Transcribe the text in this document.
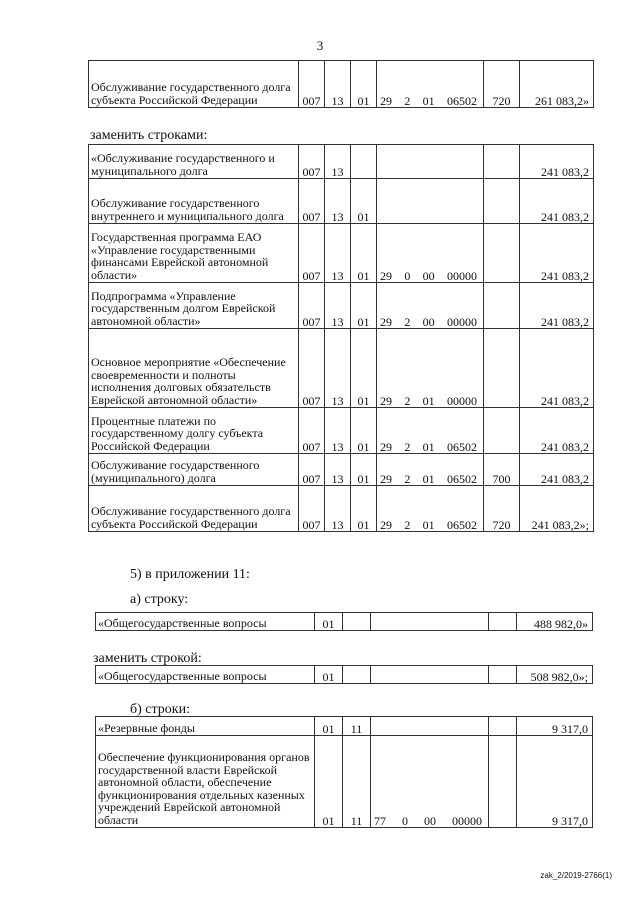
3
Обслуживание государственного долга субъекта Российской Федерации	007	13	01	29 2 01 06502	720	261 083,2»
заменить строками:
«Обслуживание государственного и муниципального долга	007	13				241 083,2
Обслуживание государственного внутреннего и муниципального долга	007	13	01			241 083,2
Государственная программа ЕАО «Управление государственными финансами Еврейской автономной области»	007	13	01	29 0 00 00000		241 083,2
Подпрограмма «Управление государственным долгом Еврейской автономной области»	007	13	01	29 2 00 00000		241 083,2
Основное мероприятие «Обеспечение своевременности и полноты исполнения долговых обязательств Еврейской автономной области»	007	13	01	29 2 01 00000		241 083,2
Процентные платежи по государственному долгу субъекта Российской Федерации	007	13	01	29 2 01 06502		241 083,2
Обслуживание государственного (муниципального) долга	007	13	01	29 2 01 06502	700	241 083,2
Обслуживание государственного долга субъекта Российской Федерации	007	13	01	29 2 01 06502	720	241 083,2»;
5) в приложении 11:
а) строку:
«Общегосударственные вопросы	01				488 982,0»
заменить строкой:
«Общегосударственные вопросы	01				508 982,0»;
б) строки:
«Резервные фонды	01	11			9 317,0
Обеспечение функционирования органов государственной власти Еврейской автономной области, обеспечение функционирования отдельных казенных учреждений Еврейской автономной области	01	11	77 0 00 00000		9 317,0
zak_2/2019-2766(1)
